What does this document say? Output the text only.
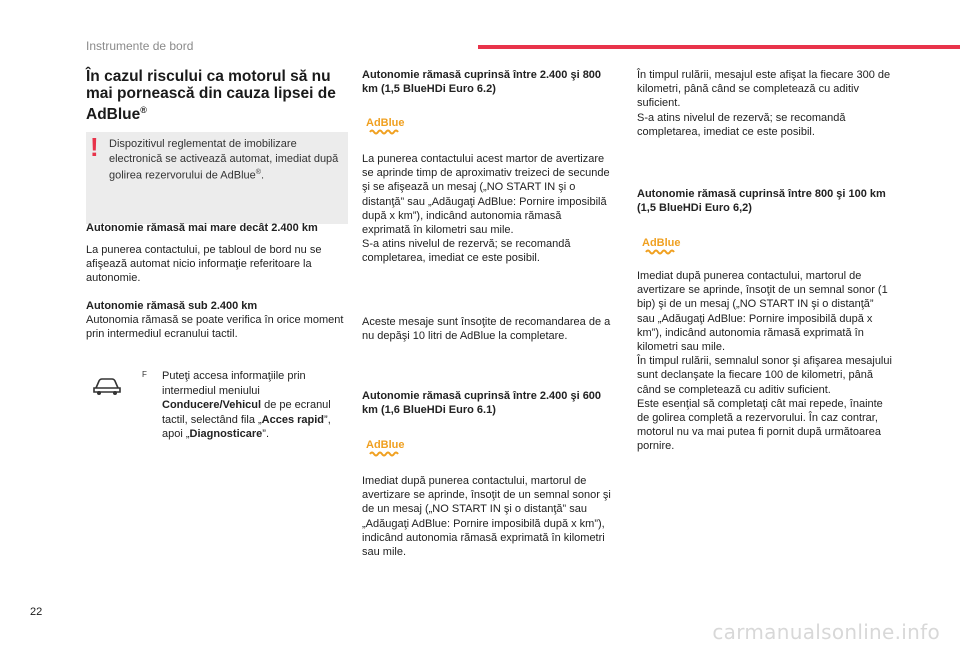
Instrumente de bord
În cazul riscului ca motorul să nu mai pornească din cauza lipsei de AdBlue®
! Dispozitivul reglementat de imobilizare electronică se activează automat, imediat după golirea rezervorului de AdBlue®.
Autonomie rămasă mai mare decât 2.400 km
La punerea contactului, pe tabloul de bord nu se afişează automat nicio informaţie referitoare la autonomie.
Autonomie rămasă sub 2.400 km
Autonomia rămasă se poate verifica în orice moment prin intermediul ecranului tactil.
F Puteţi accesa informaţiile prin intermediul meniului Conducere/Vehicul de pe ecranul tactil, selectând fila „Acces rapid”, apoi „Diagnosticare”.
Autonomie rămasă cuprinsă între 2.400 şi 800 km (1,5 BlueHDi Euro 6.2)
AdBlue
La punerea contactului acest martor de avertizare se aprinde timp de aproximativ treizeci de secunde şi se afişează un mesaj („NO START IN şi o distanţă” sau „Adăugaţi AdBlue: Pornire imposibilă după x km”), indicând autonomia rămasă exprimată în kilometri sau mile.
S-a atins nivelul de rezervă; se recomandă completarea, imediat ce este posibil.
Aceste mesaje sunt însoţite de recomandarea de a nu depăşi 10 litri de AdBlue la completare.
Autonomie rămasă cuprinsă între 2.400 şi 600 km (1,6 BlueHDi Euro 6.1)
AdBlue
Imediat după punerea contactului, martorul de avertizare se aprinde, însoţit de un semnal sonor şi de un mesaj („NO START IN şi o distanţă” sau „Adăugaţi AdBlue: Pornire imposibilă după x km”), indicând autonomia rămasă exprimată în kilometri sau mile.
În timpul rulării, mesajul este afişat la fiecare 300 de kilometri, până când se completează cu aditiv suficient.
S-a atins nivelul de rezervă; se recomandă completarea, imediat ce este posibil.
Autonomie rămasă cuprinsă între 800 şi 100 km (1,5 BlueHDi Euro 6,2)
AdBlue
Imediat după punerea contactului, martorul de avertizare se aprinde, însoţit de un semnal sonor (1 bip) şi de un mesaj („NO START IN şi o distanţă” sau „Adăugaţi AdBlue: Pornire imposibilă după x km”), indicând autonomia rămasă exprimată în kilometri sau mile.
În timpul rulării, semnalul sonor şi afişarea mesajului sunt declanşate la fiecare 100 de kilometri, până când se completează cu aditiv suficient.
Este esenţial să completaţi cât mai repede, înainte de golirea completă a rezervorului. În caz contrar, motorul nu va mai putea fi pornit după următoarea pornire.
22
carmanualsonline.info
